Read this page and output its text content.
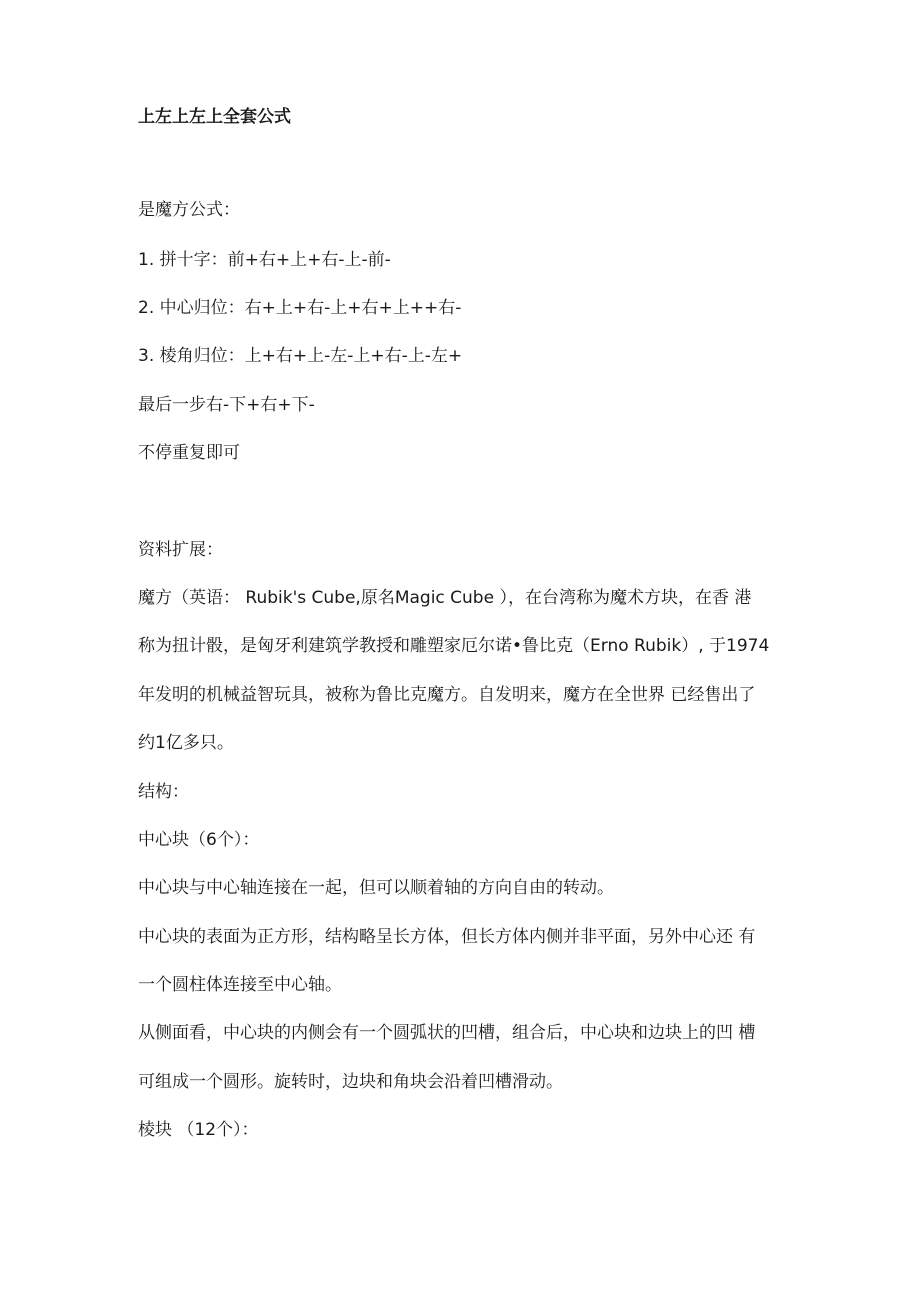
上左上左上全套公式
是魔方公式：
1. 拼十字：前+右+上+右-上-前-
2. 中心归位：右+上+右-上+右+上++右-
3. 棱角归位：上+右+上-左-上+右-上-左+
最后一步右-下+右+下-
不停重复即可
资料扩展：
魔方（英语： Rubik's Cube,原名Magic Cube ），在台湾称为魔术方块，在香 港
称为扭计骰，是匈牙利建筑学教授和雕塑家厄尔诺•鲁比克（Erno Rubik）, 于1974
年发明的机械益智玩具，被称为鲁比克魔方。自发明来，魔方在全世界 已经售出了
约1亿多只。
结构：
中心块（6个）：
中心块与中心轴连接在一起，但可以顺着轴的方向自由的转动。
中心块的表面为正方形，结构略呈长方体，但长方体内侧并非平面，另外中心还 有
一个圆柱体连接至中心轴。
从侧面看，中心块的内侧会有一个圆弧状的凹槽，组合后，中心块和边块上的凹 槽
可组成一个圆形。旋转时，边块和角块会沿着凹槽滑动。
棱块 （12个）：
